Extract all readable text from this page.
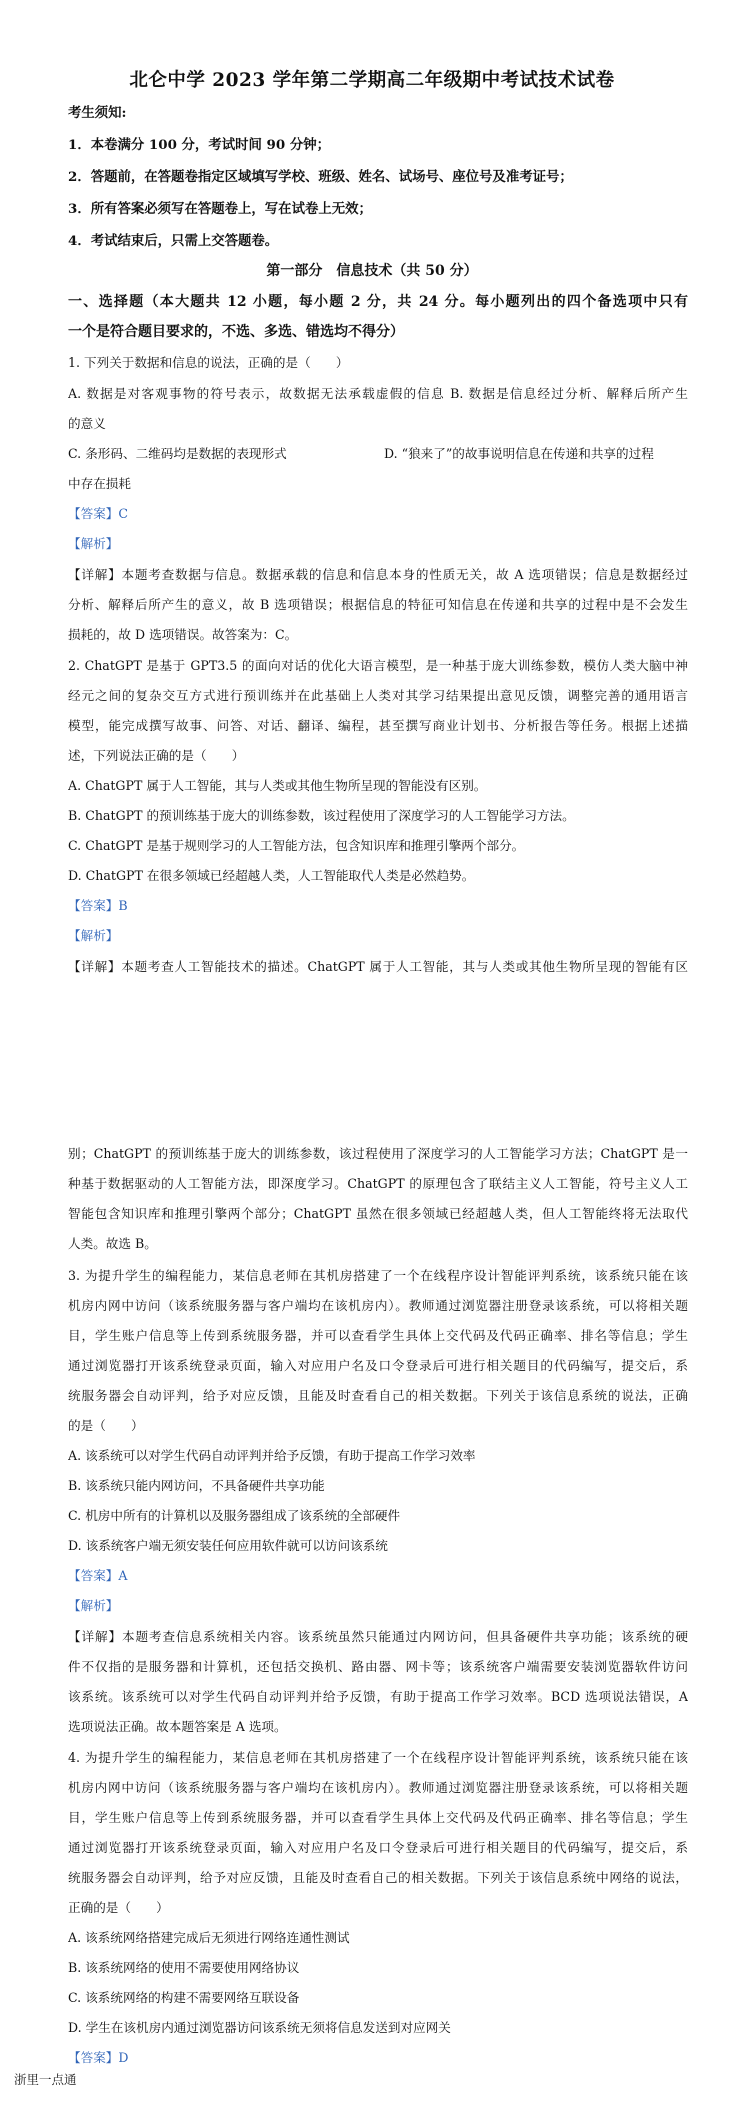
北仑中学 2023 学年第二学期高二年级期中考试技术试卷
考生须知:
1．本卷满分 100 分，考试时间 90 分钟；
2．答题前，在答题卷指定区域填写学校、班级、姓名、试场号、座位号及准考证号；
3．所有答案必须写在答题卷上，写在试卷上无效；
4．考试结束后，只需上交答题卷。
第一部分　信息技术（共 50 分）
一、选择题（本大题共 12 小题，每小题 2 分，共 24 分。每小题列出的四个备选项中只有
一个是符合题目要求的，不选、多选、错选均不得分）
1. 下列关于数据和信息的说法，正确的是（　　）
A. 数据是对客观事物的符号表示，故数据无法承载虚假的信息 B. 数据是信息经过分析、解释后所产生
的意义
C. 条形码、二维码均是数据的表现形式	D. “狼来了”的故事说明信息在传递和共享的过程
中存在损耗
【答案】C
【解析】
【详解】本题考查数据与信息。数据承载的信息和信息本身的性质无关，故 A 选项错误；信息是数据经过
分析、解释后所产生的意义，故 B 选项错误；根据信息的特征可知信息在传递和共享的过程中是不会发生
损耗的，故 D 选项错误。故答案为：C。
2. ChatGPT 是基于 GPT3.5 的面向对话的优化大语言模型，是一种基于庞大训练参数，模仿人类大脑中神
经元之间的复杂交互方式进行预训练并在此基础上人类对其学习结果提出意见反馈，调整完善的通用语言
模型，能完成撰写故事、问答、对话、翻译、编程，甚至撰写商业计划书、分析报告等任务。根据上述描
述，下列说法正确的是（　　）
A. ChatGPT 属于人工智能，其与人类或其他生物所呈现的智能没有区别。
B. ChatGPT 的预训练基于庞大的训练参数，该过程使用了深度学习的人工智能学习方法。
C. ChatGPT 是基于规则学习的人工智能方法，包含知识库和推理引擎两个部分。
D. ChatGPT 在很多领域已经超越人类，人工智能取代人类是必然趋势。
【答案】B
【解析】
【详解】本题考查人工智能技术的描述。ChatGPT 属于人工智能，其与人类或其他生物所呈现的智能有区
别；ChatGPT 的预训练基于庞大的训练参数，该过程使用了深度学习的人工智能学习方法；ChatGPT 是一
种基于数据驱动的人工智能方法，即深度学习。ChatGPT 的原理包含了联结主义人工智能，符号主义人工
智能包含知识库和推理引擎两个部分；ChatGPT 虽然在很多领域已经超越人类，但人工智能终将无法取代
人类。故选 B。
3. 为提升学生的编程能力，某信息老师在其机房搭建了一个在线程序设计智能评判系统，该系统只能在该
机房内网中访问（该系统服务器与客户端均在该机房内）。教师通过浏览器注册登录该系统，可以将相关题
目，学生账户信息等上传到系统服务器，并可以查看学生具体上交代码及代码正确率、排名等信息；学生
通过浏览器打开该系统登录页面，输入对应用户名及口令登录后可进行相关题目的代码编写，提交后，系
统服务器会自动评判，给予对应反馈，且能及时查看自己的相关数据。下列关于该信息系统的说法，正确
的是（　　）
A. 该系统可以对学生代码自动评判并给予反馈，有助于提高工作学习效率
B. 该系统只能内网访问，不具备硬件共享功能
C. 机房中所有的计算机以及服务器组成了该系统的全部硬件
D. 该系统客户端无须安装任何应用软件就可以访问该系统
【答案】A
【解析】
【详解】本题考查信息系统相关内容。该系统虽然只能通过内网访问，但具备硬件共享功能；该系统的硬
件不仅指的是服务器和计算机，还包括交换机、路由器、网卡等；该系统客户端需要安装浏览器软件访问
该系统。该系统可以对学生代码自动评判并给予反馈，有助于提高工作学习效率。BCD 选项说法错误，A
选项说法正确。故本题答案是 A 选项。
4. 为提升学生的编程能力，某信息老师在其机房搭建了一个在线程序设计智能评判系统，该系统只能在该
机房内网中访问（该系统服务器与客户端均在该机房内）。教师通过浏览器注册登录该系统，可以将相关题
目，学生账户信息等上传到系统服务器，并可以查看学生具体上交代码及代码正确率、排名等信息；学生
通过浏览器打开该系统登录页面，输入对应用户名及口令登录后可进行相关题目的代码编写，提交后，系
统服务器会自动评判，给予对应反馈，且能及时查看自己的相关数据。下列关于该信息系统中网络的说法，
正确的是（　　）
A. 该系统网络搭建完成后无须进行网络连通性测试
B. 该系统网络的使用不需要使用网络协议
C. 该系统网络的构建不需要网络互联设备
D. 学生在该机房内通过浏览器访问该系统无须将信息发送到对应网关
【答案】D
浙里一点通
